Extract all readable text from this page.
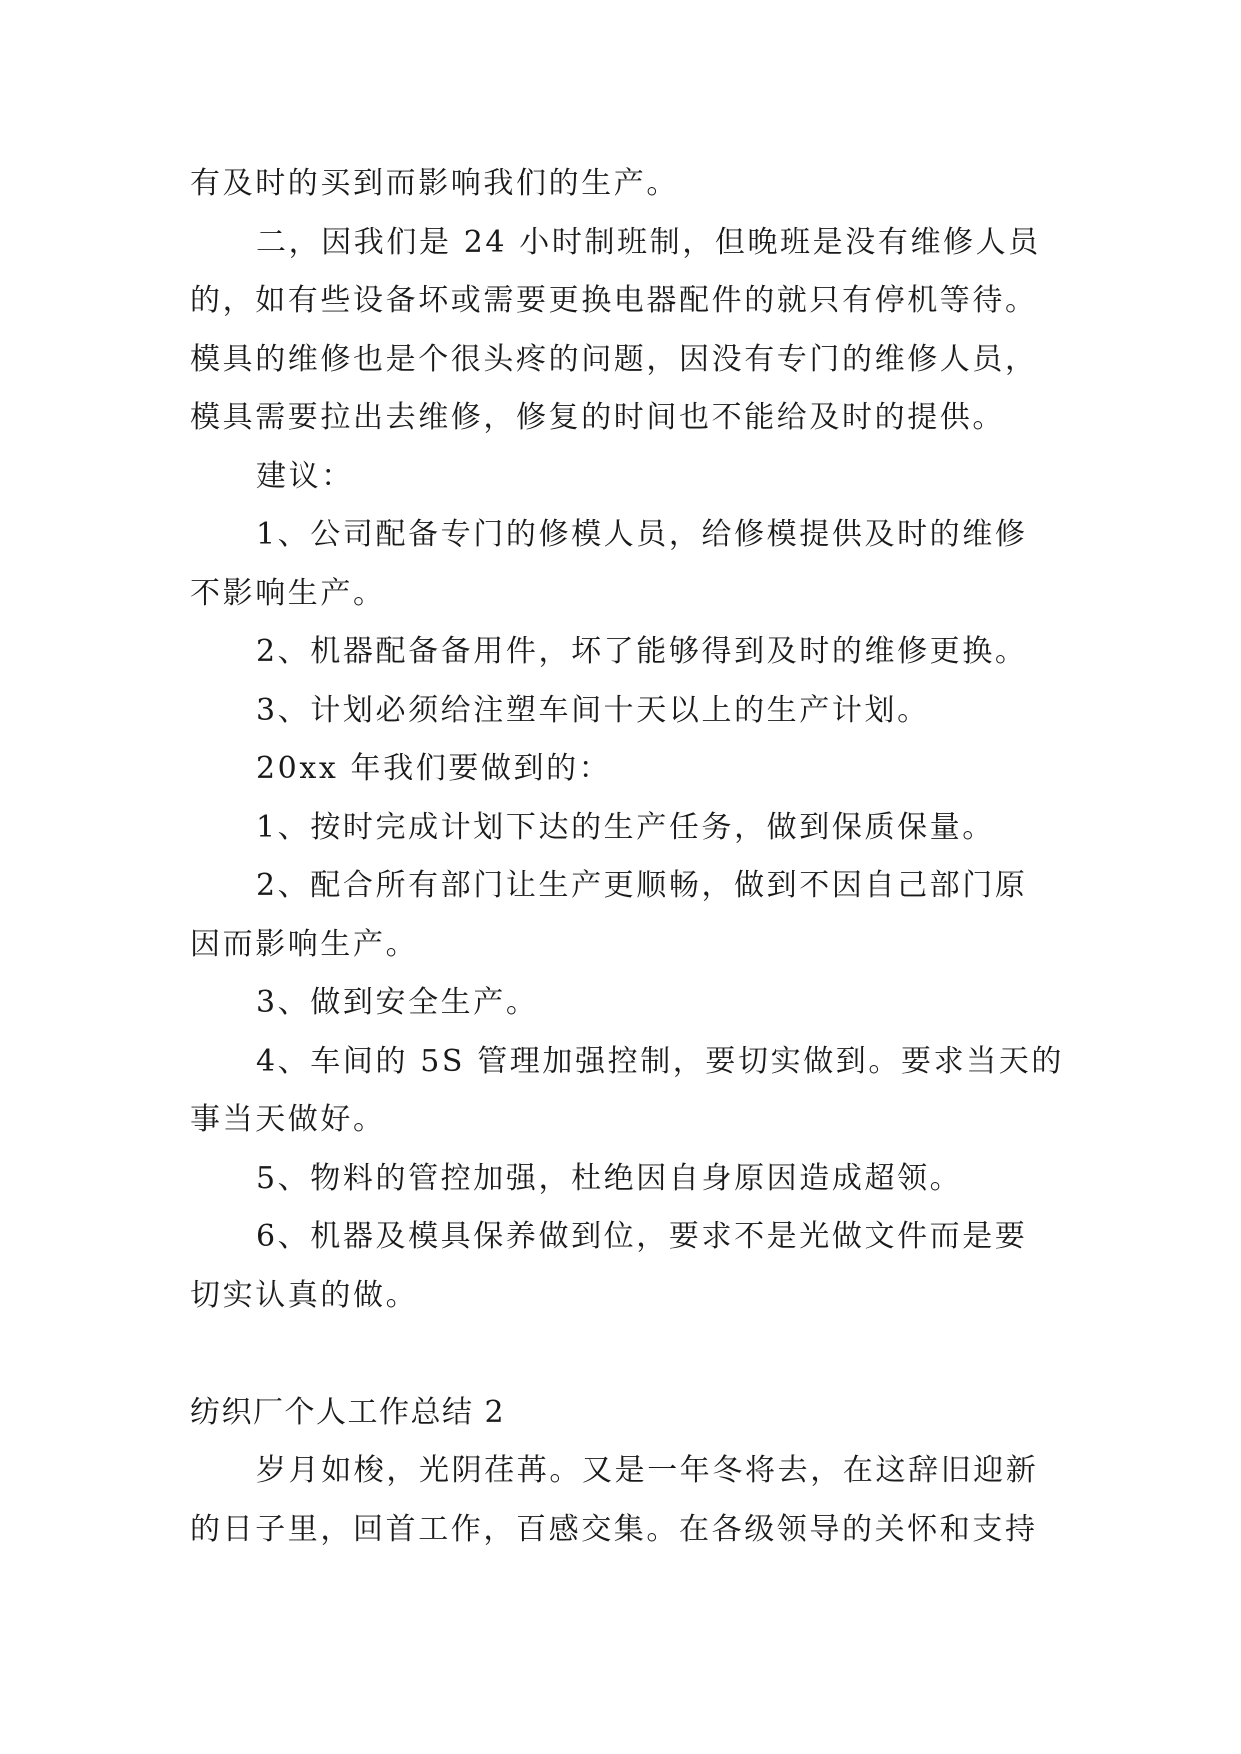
有及时的买到而影响我们的生产。
二，因我们是 24 小时制班制，但晚班是没有维修人员
的，如有些设备坏或需要更换电器配件的就只有停机等待。
模具的维修也是个很头疼的问题，因没有专门的维修人员，
模具需要拉出去维修，修复的时间也不能给及时的提供。
建议：
1、公司配备专门的修模人员，给修模提供及时的维修
不影响生产。
2、机器配备备用件，坏了能够得到及时的维修更换。
3、计划必须给注塑车间十天以上的生产计划。
20xx 年我们要做到的：
1、按时完成计划下达的生产任务，做到保质保量。
2、配合所有部门让生产更顺畅，做到不因自己部门原
因而影响生产。
3、做到安全生产。
4、车间的 5S 管理加强控制，要切实做到。要求当天的
事当天做好。
5、物料的管控加强，杜绝因自身原因造成超领。
6、机器及模具保养做到位，要求不是光做文件而是要
切实认真的做。
纺织厂个人工作总结 2
岁月如梭，光阴荏苒。又是一年冬将去，在这辞旧迎新
的日子里，回首工作，百感交集。在各级领导的关怀和支持
